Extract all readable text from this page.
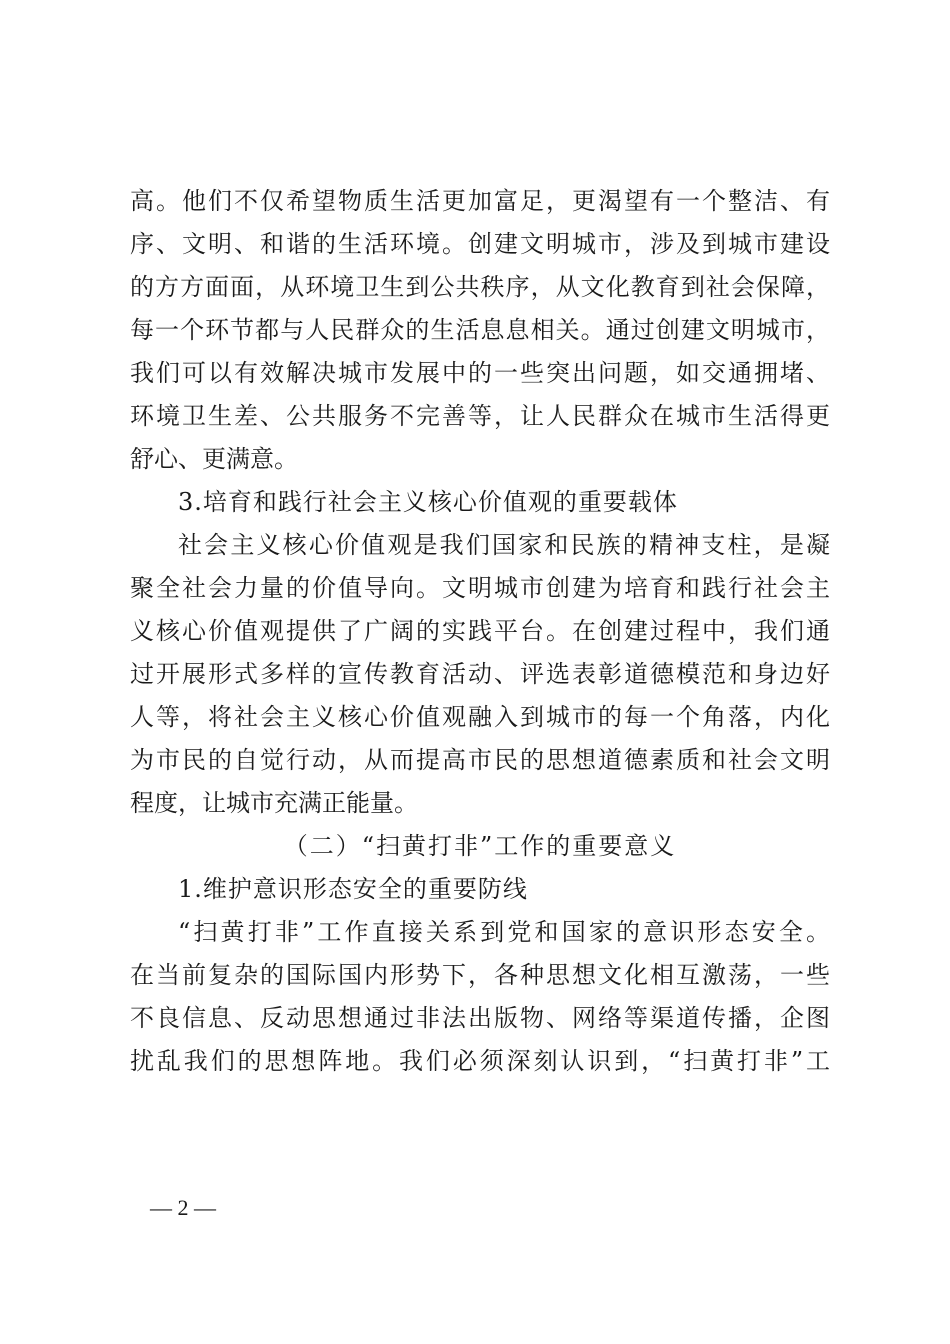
高。他们不仅希望物质生活更加富足，更渴望有一个整洁、有
序、文明、和谐的生活环境。创建文明城市，涉及到城市建设
的方方面面，从环境卫生到公共秩序，从文化教育到社会保障，
每一个环节都与人民群众的生活息息相关。通过创建文明城市，
我们可以有效解决城市发展中的一些突出问题，如交通拥堵、
环境卫生差、公共服务不完善等，让人民群众在城市生活得更
舒心、更满意。
3.培育和践行社会主义核心价值观的重要载体
社会主义核心价值观是我们国家和民族的精神支柱，是凝
聚全社会力量的价值导向。文明城市创建为培育和践行社会主
义核心价值观提供了广阔的实践平台。在创建过程中，我们通
过开展形式多样的宣传教育活动、评选表彰道德模范和身边好
人等，将社会主义核心价值观融入到城市的每一个角落，内化
为市民的自觉行动，从而提高市民的思想道德素质和社会文明
程度，让城市充满正能量。
（二）“扫黄打非”工作的重要意义
1.维护意识形态安全的重要防线
“扫黄打非”工作直接关系到党和国家的意识形态安全。
在当前复杂的国际国内形势下，各种思想文化相互激荡，一些
不良信息、反动思想通过非法出版物、网络等渠道传播，企图
扰乱我们的思想阵地。我们必须深刻认识到，“扫黄打非”工
— 2 —
